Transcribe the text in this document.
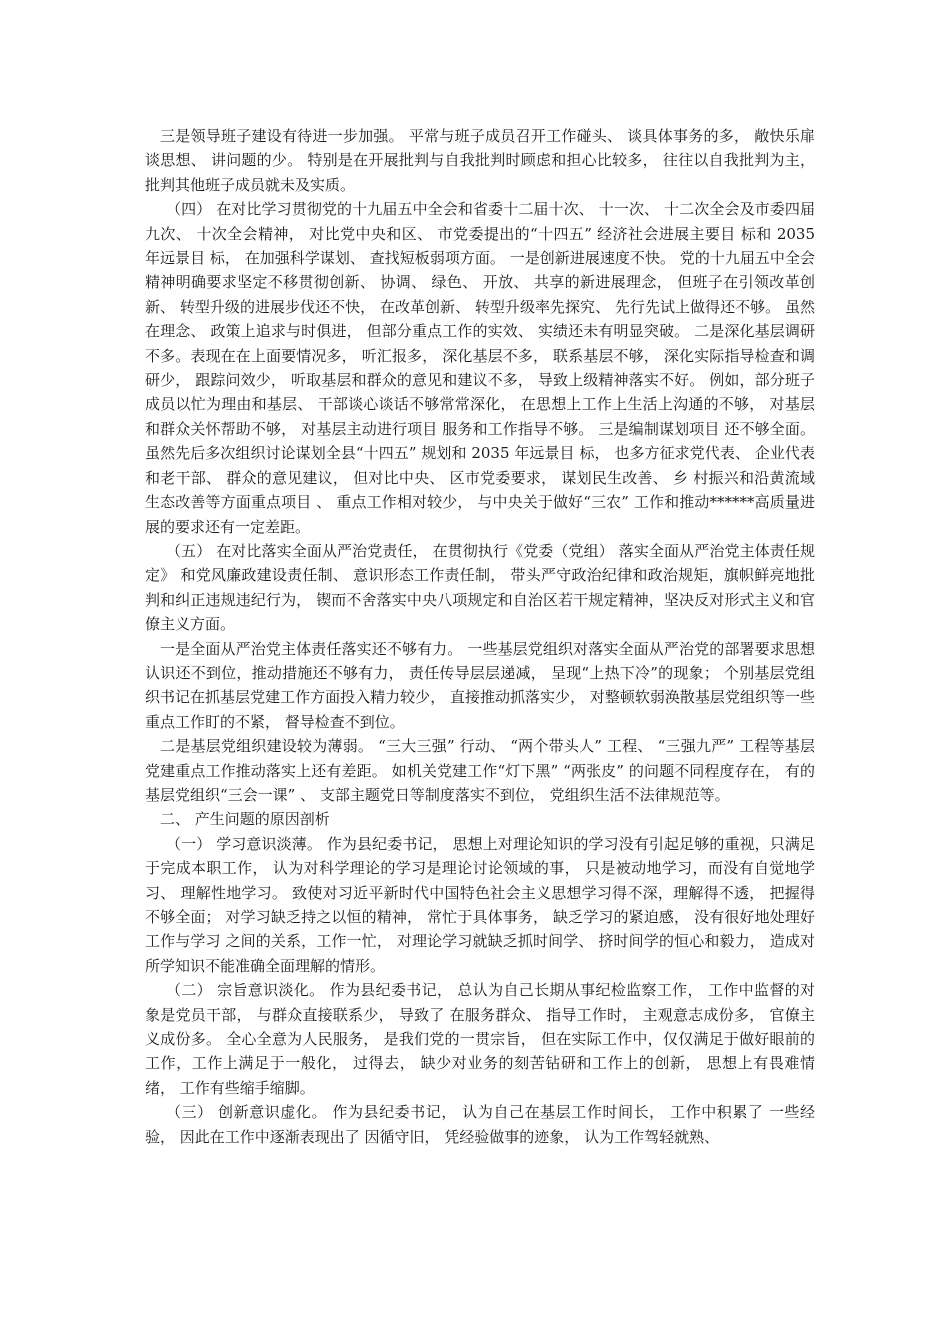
三是领导班子建设有待进一步加强。 平常与班子成员召开工作碰头、 谈具体事务的多， 敞快乐扉谈思想、 讲问题的少。 特别是在开展批判与自我批判时顾虑和担心比较多， 往往以自我批判为主， 批判其他班子成员就未及实质。

（四） 在对比学习贯彻党的十九届五中全会和省委十二届十次、 十一次、 十二次全会及市委四届九次、 十次全会精神， 对比党中央和区、 市党委提出的“十四五” 经济社会进展主要目 标和 2035 年远景目 标， 在加强科学谋划、 查找短板弱项方面。 一是创新进展速度不快。 党的十九届五中全会精神明确要求坚定不移贯彻创新、 协调、 绿色、 开放、 共享的新进展理念， 但班子在引领改革创新、 转型升级的进展步伐还不快， 在改革创新、 转型升级率先探究、 先行先试上做得还不够。 虽然在理念、 政策上追求与时俱进， 但部分重点工作的实效、 实绩还未有明显突破。 二是深化基层调研不多。表现在在上面要情况多， 听汇报多， 深化基层不多， 联系基层不够， 深化实际指导检查和调研少， 跟踪问效少， 听取基层和群众的意见和建议不多， 导致上级精神落实不好。 例如，部分班子成员以忙为理由和基层、 干部谈心谈话不够常常深化， 在思想上工作上生活上沟通的不够， 对基层和群众关怀帮助不够， 对基层主动进行项目 服务和工作指导不够。 三是编制谋划项目 还不够全面。 虽然先后多次组织讨论谋划全县“十四五” 规划和 2035 年远景目 标， 也多方征求党代表、 企业代表和老干部、 群众的意见建议， 但对比中央、 区市党委要求， 谋划民生改善、 乡 村振兴和沿黄流域生态改善等方面重点项目 、 重点工作相对较少， 与中央关于做好“三农” 工作和推动******高质量进展的要求还有一定差距。

（五） 在对比落实全面从严治党责任， 在贯彻执行《党委（党组） 落实全面从严治党主体责任规定》 和党风廉政建设责任制、 意识形态工作责任制， 带头严守政治纪律和政治规矩，旗帜鲜亮地批判和纠正违规违纪行为， 锲而不舍落实中央八项规定和自治区若干规定精神，坚决反对形式主义和官僚主义方面。

一是全面从严治党主体责任落实还不够有力。 一些基层党组织对落实全面从严治党的部署要求思想认识还不到位，推动措施还不够有力， 责任传导层层递减， 呈现“上热下冷”的现象； 个别基层党组织书记在抓基层党建工作方面投入精力较少， 直接推动抓落实少， 对整顿软弱涣散基层党组织等一些重点工作盯的不紧， 督导检查不到位。

二是基层党组织建设较为薄弱。 “三大三强” 行动、 “两个带头人” 工程、 “三强九严” 工程等基层党建重点工作推动落实上还有差距。 如机关党建工作“灯下黑” “两张皮” 的问题不同程度存在， 有的基层党组织“三会一课” 、 支部主题党日等制度落实不到位， 党组织生活不法律规范等。

二、 产生问题的原因剖析

（一） 学习意识淡薄。 作为县纪委书记， 思想上对理论知识的学习没有引起足够的重视，只满足于完成本职工作， 认为对科学理论的学习是理论讨论领域的事， 只是被动地学习，而没有自觉地学习、 理解性地学习。 致使对习近平新时代中国特色社会主义思想学习得不深，理解得不透， 把握得不够全面； 对学习缺乏持之以恒的精神， 常忙于具体事务， 缺乏学习的紧迫感， 没有很好地处理好工作与学习 之间的关系，工作一忙， 对理论学习就缺乏抓时间学、 挤时间学的恒心和毅力， 造成对所学知识不能准确全面理解的情形。

（二） 宗旨意识淡化。 作为县纪委书记， 总认为自己长期从事纪检监察工作， 工作中监督的对象是党员干部， 与群众直接联系少， 导致了 在服务群众、 指导工作时， 主观意志成份多， 官僚主义成份多。 全心全意为人民服务， 是我们党的一贯宗旨， 但在实际工作中，仅仅满足于做好眼前的工作，工作上满足于一般化， 过得去， 缺少对业务的刻苦钻研和工作上的创新， 思想上有畏难情绪， 工作有些缩手缩脚。

（三） 创新意识虚化。 作为县纪委书记， 认为自己在基层工作时间长， 工作中积累了 一些经验， 因此在工作中逐渐表现出了 因循守旧， 凭经验做事的迹象， 认为工作驾轻就熟、
